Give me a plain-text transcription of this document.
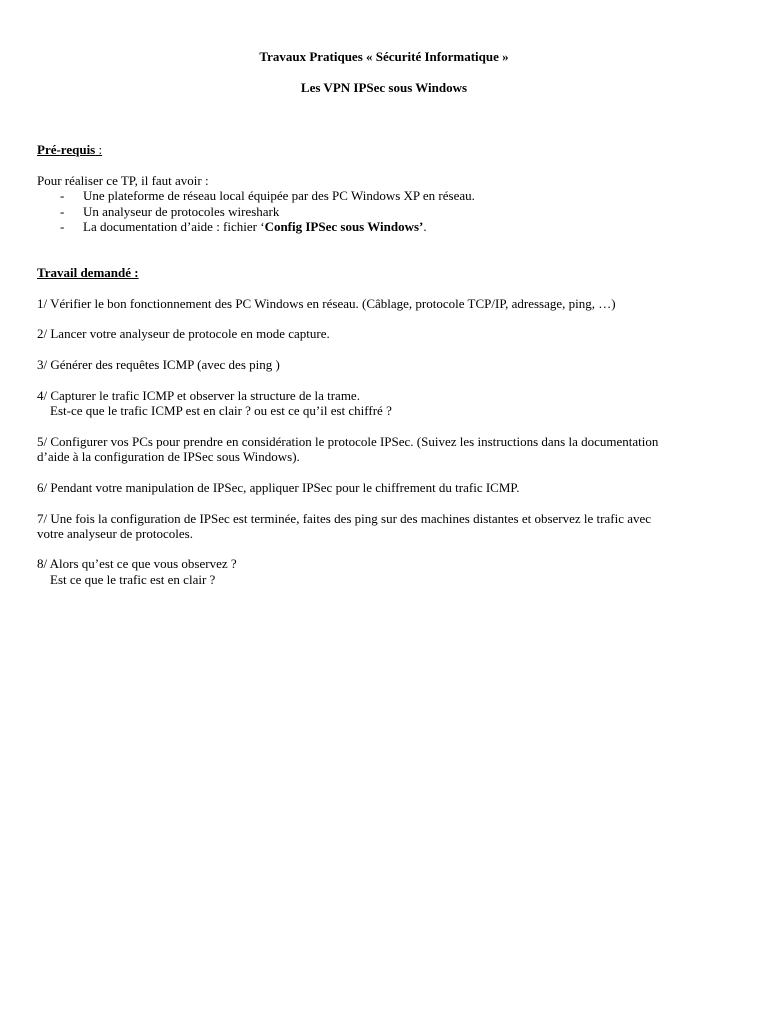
Travaux Pratiques « Sécurité Informatique »
Les VPN IPSec sous Windows
Pré-requis :
Pour réaliser ce TP, il faut avoir :
- Une plateforme de réseau local équipée par des PC Windows XP en réseau.
- Un analyseur de protocoles wireshark
- La documentation d’aide : fichier ‘Config IPSec sous Windows’.
Travail demandé :
1/ Vérifier le bon fonctionnement des PC Windows en réseau. (Câblage, protocole TCP/IP, adressage, ping, …)
2/ Lancer votre analyseur de protocole en mode capture.
3/ Générer des requêtes ICMP (avec des ping )
4/ Capturer le trafic ICMP et observer la structure de la trame.
Est-ce que le trafic ICMP est en clair ? ou est ce qu’il est chiffré ?
5/ Configurer vos PCs pour prendre en considération le protocole IPSec. (Suivez les instructions dans la documentation
d’aide à la configuration de IPSec sous Windows).
6/ Pendant votre manipulation de IPSec, appliquer IPSec pour le chiffrement du trafic ICMP.
7/ Une fois la configuration de IPSec est terminée, faites des ping sur des machines distantes et observez le trafic avec
votre analyseur de protocoles.
8/ Alors qu’est ce que vous observez ?
Est ce que le trafic est en clair ?
